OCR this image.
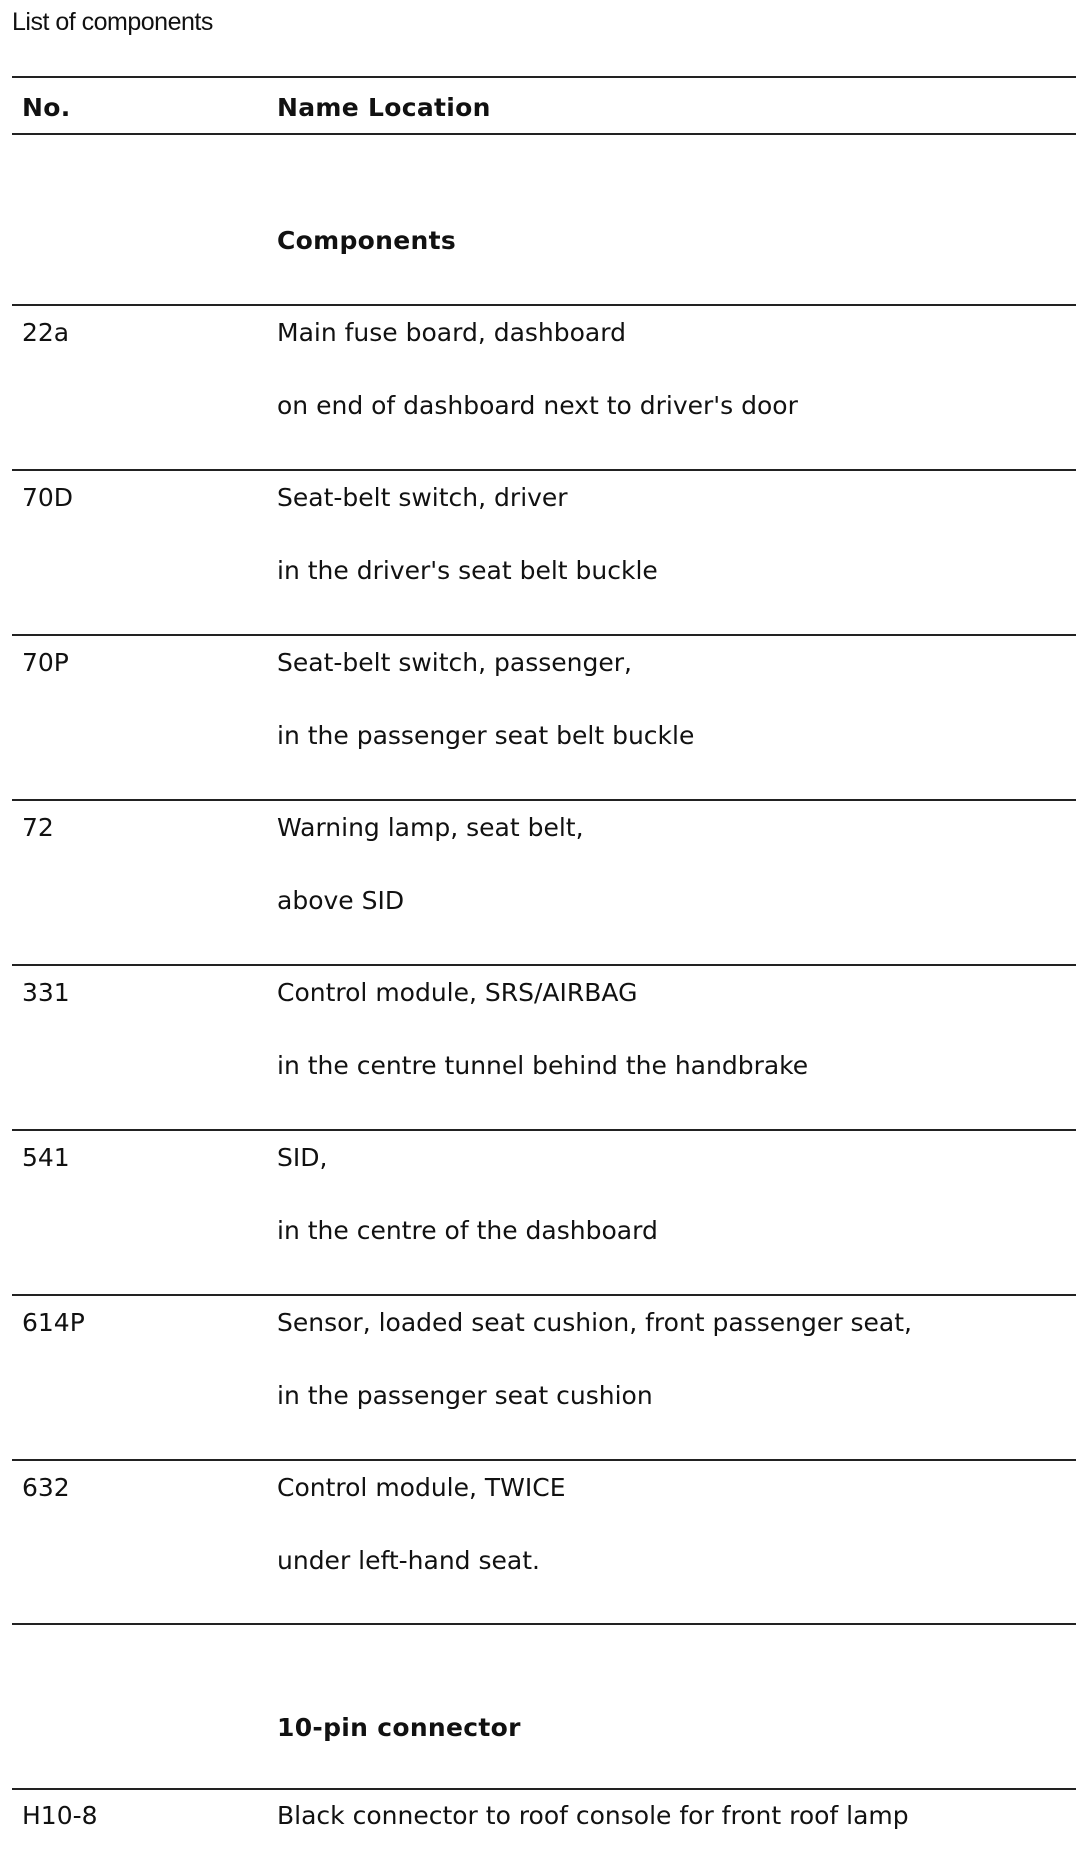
List of components
No.	Name Location
Components
22a	Main fuse board, dashboard
on end of dashboard next to driver's door
70D	Seat-belt switch, driver
in the driver's seat belt buckle
70P	Seat-belt switch, passenger,
in the passenger seat belt buckle
72	Warning lamp, seat belt,
above SID
331	Control module, SRS/AIRBAG
in the centre tunnel behind the handbrake
541	SID,
in the centre of the dashboard
614P	Sensor, loaded seat cushion, front passenger seat,
in the passenger seat cushion
632	Control module, TWICE
under left-hand seat.
10-pin connector
H10-8	Black connector to roof console for front roof lamp
